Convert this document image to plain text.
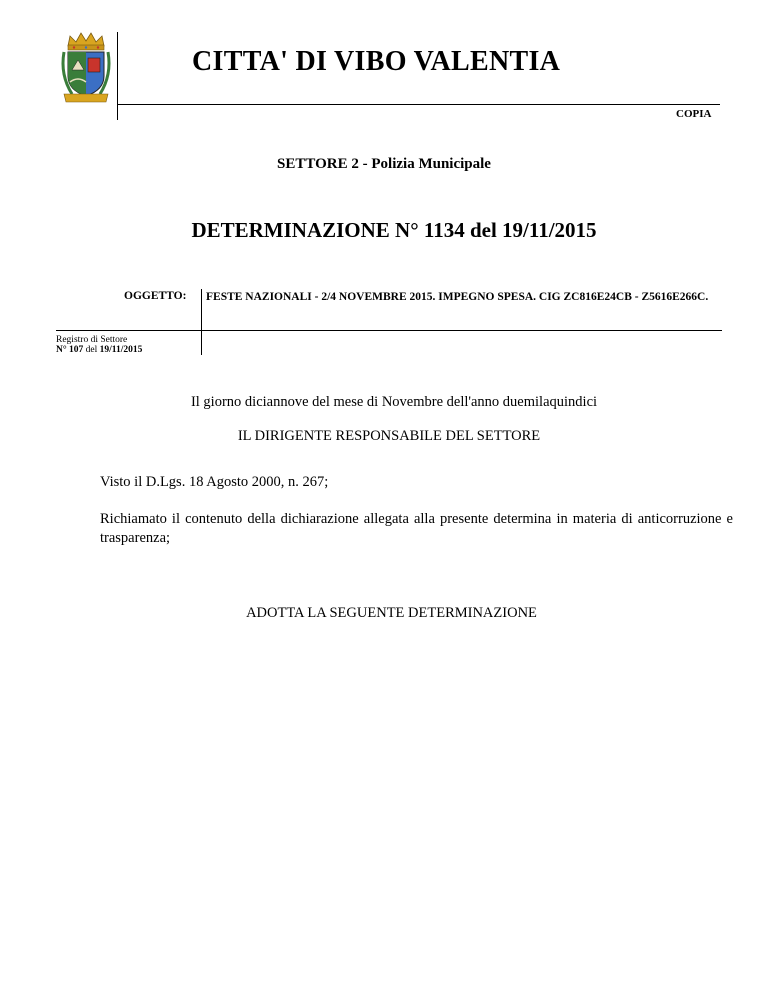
CITTA' DI VIBO VALENTIA
COPIA
SETTORE 2 - Polizia Municipale
DETERMINAZIONE N° 1134 del 19/11/2015
OGGETTO: FESTE NAZIONALI - 2/4 NOVEMBRE 2015. IMPEGNO SPESA. CIG ZC816E24CB - Z5616E266C.
Registro di Settore
N° 107 del 19/11/2015
Il giorno diciannove del mese di Novembre dell'anno duemilaquindici
IL DIRIGENTE RESPONSABILE DEL SETTORE
Visto il D.Lgs. 18 Agosto 2000, n. 267;
Richiamato il contenuto della dichiarazione allegata alla presente determina in materia di anticorruzione e trasparenza;
ADOTTA LA SEGUENTE DETERMINAZIONE
